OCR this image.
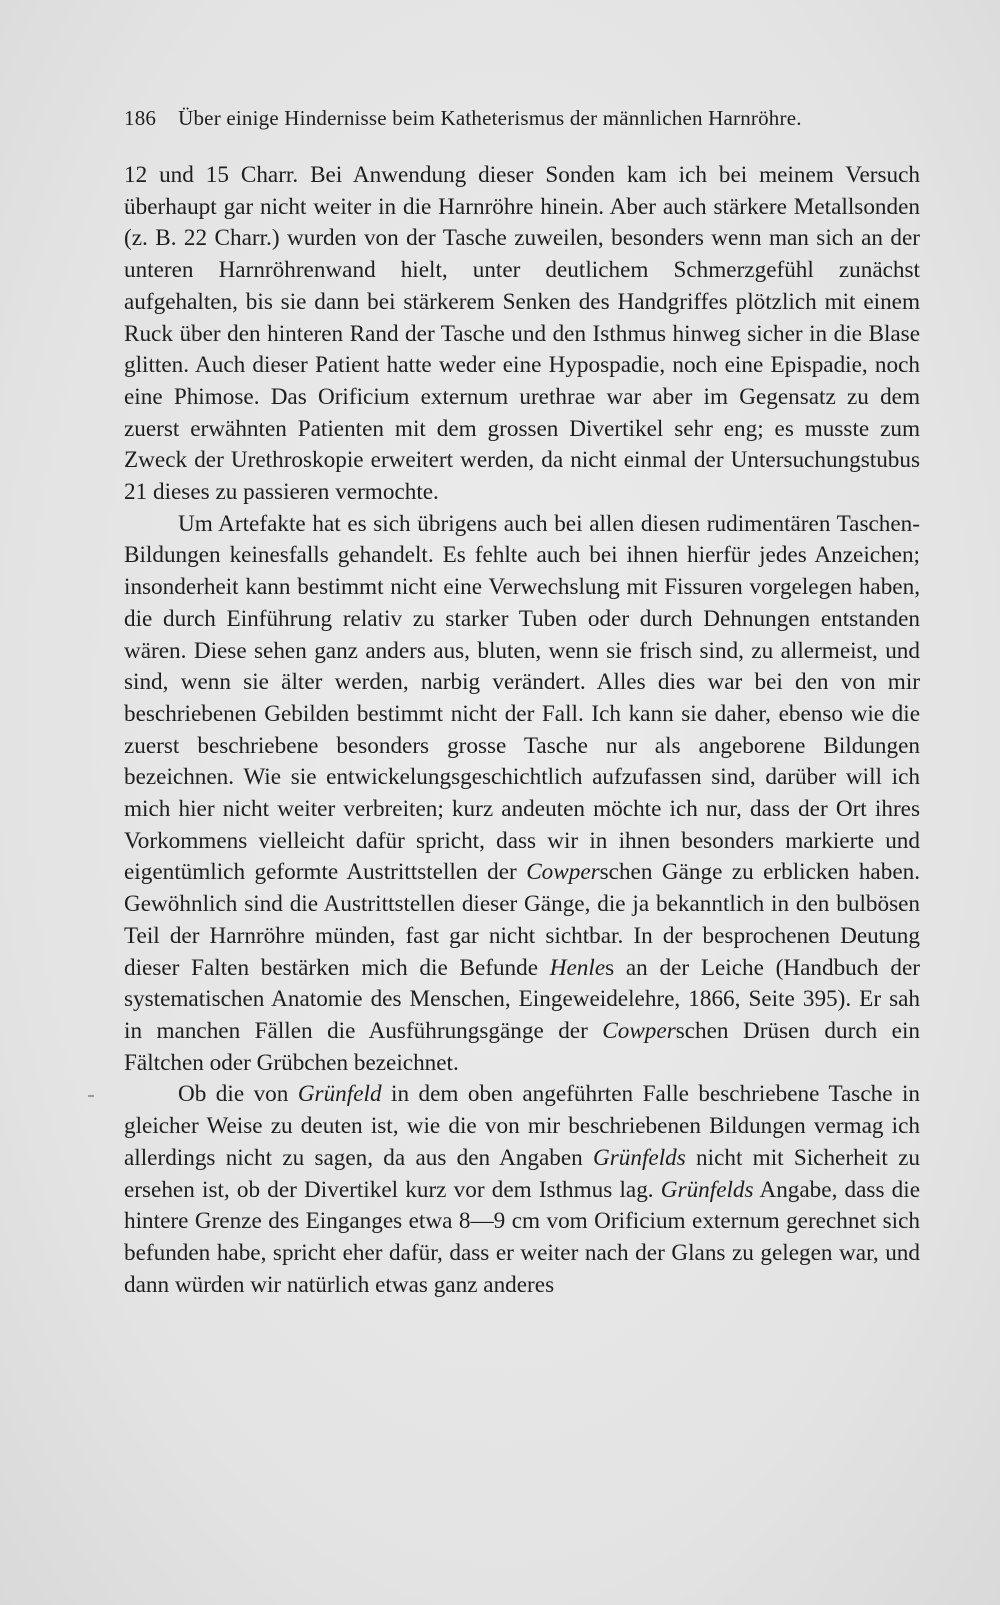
186 Über einige Hindernisse beim Katheterismus der männlichen Harnröhre.

12 und 15 Charr. Bei Anwendung dieser Sonden kam ich bei meinem Versuch überhaupt gar nicht weiter in die Harnröhre hinein. Aber auch stärkere Metallsonden (z. B. 22 Charr.) wurden von der Tasche zuweilen, besonders wenn man sich an der unteren Harnröhrenwand hielt, unter deutlichem Schmerzgefühl zunächst aufgehalten, bis sie dann bei stärkerem Senken des Handgriffes plötzlich mit einem Ruck über den hinteren Rand der Tasche und den Isthmus hinweg sicher in die Blase glitten. Auch dieser Patient hatte weder eine Hypospadie, noch eine Epispadie, noch eine Phimose. Das Orificium externum urethrae war aber im Gegensatz zu dem zuerst erwähnten Patienten mit dem grossen Divertikel sehr eng; es musste zum Zweck der Urethroskopie erweitert werden, da nicht einmal der Untersuchungstubus 21 dieses zu passieren vermochte.

Um Artefakte hat es sich übrigens auch bei allen diesen rudimentären Taschen-Bildungen keinesfalls gehandelt. Es fehlte auch bei ihnen hierfür jedes Anzeichen; insonderheit kann bestimmt nicht eine Verwechslung mit Fissuren vorgelegen haben, die durch Einführung relativ zu starker Tuben oder durch Dehnungen entstanden wären. Diese sehen ganz anders aus, bluten, wenn sie frisch sind, zu allermeist, und sind, wenn sie älter werden, narbig verändert. Alles dies war bei den von mir beschriebenen Gebilden bestimmt nicht der Fall. Ich kann sie daher, ebenso wie die zuerst beschriebene besonders grosse Tasche nur als angeborene Bildungen bezeichnen. Wie sie entwickelungsgeschichtlich aufzufassen sind, darüber will ich mich hier nicht weiter verbreiten; kurz andeuten möchte ich nur, dass der Ort ihres Vorkommens vielleicht dafür spricht, dass wir in ihnen besonders markierte und eigentümlich geformte Austrittstellen der Cowperschen Gänge zu erblicken haben. Gewöhnlich sind die Austrittstellen dieser Gänge, die ja bekanntlich in den bulbösen Teil der Harnröhre münden, fast gar nicht sichtbar. In der besprochenen Deutung dieser Falten bestärken mich die Befunde Henles an der Leiche (Handbuch der systematischen Anatomie des Menschen, Eingeweidelehre, 1866, Seite 395). Er sah in manchen Fällen die Ausführungsgänge der Cowperschen Drüsen durch ein Fältchen oder Grübchen bezeichnet.

Ob die von Grünfeld in dem oben angeführten Falle beschriebene Tasche in gleicher Weise zu deuten ist, wie die von mir beschriebenen Bildungen vermag ich allerdings nicht zu sagen, da aus den Angaben Grünfelds nicht mit Sicherheit zu ersehen ist, ob der Divertikel kurz vor dem Isthmus lag. Grünfelds Angabe, dass die hintere Grenze des Einganges etwa 8—9 cm vom Orificium externum gerechnet sich befunden habe, spricht eher dafür, dass er weiter nach der Glans zu gelegen war, und dann würden wir natürlich etwas ganz anderes
